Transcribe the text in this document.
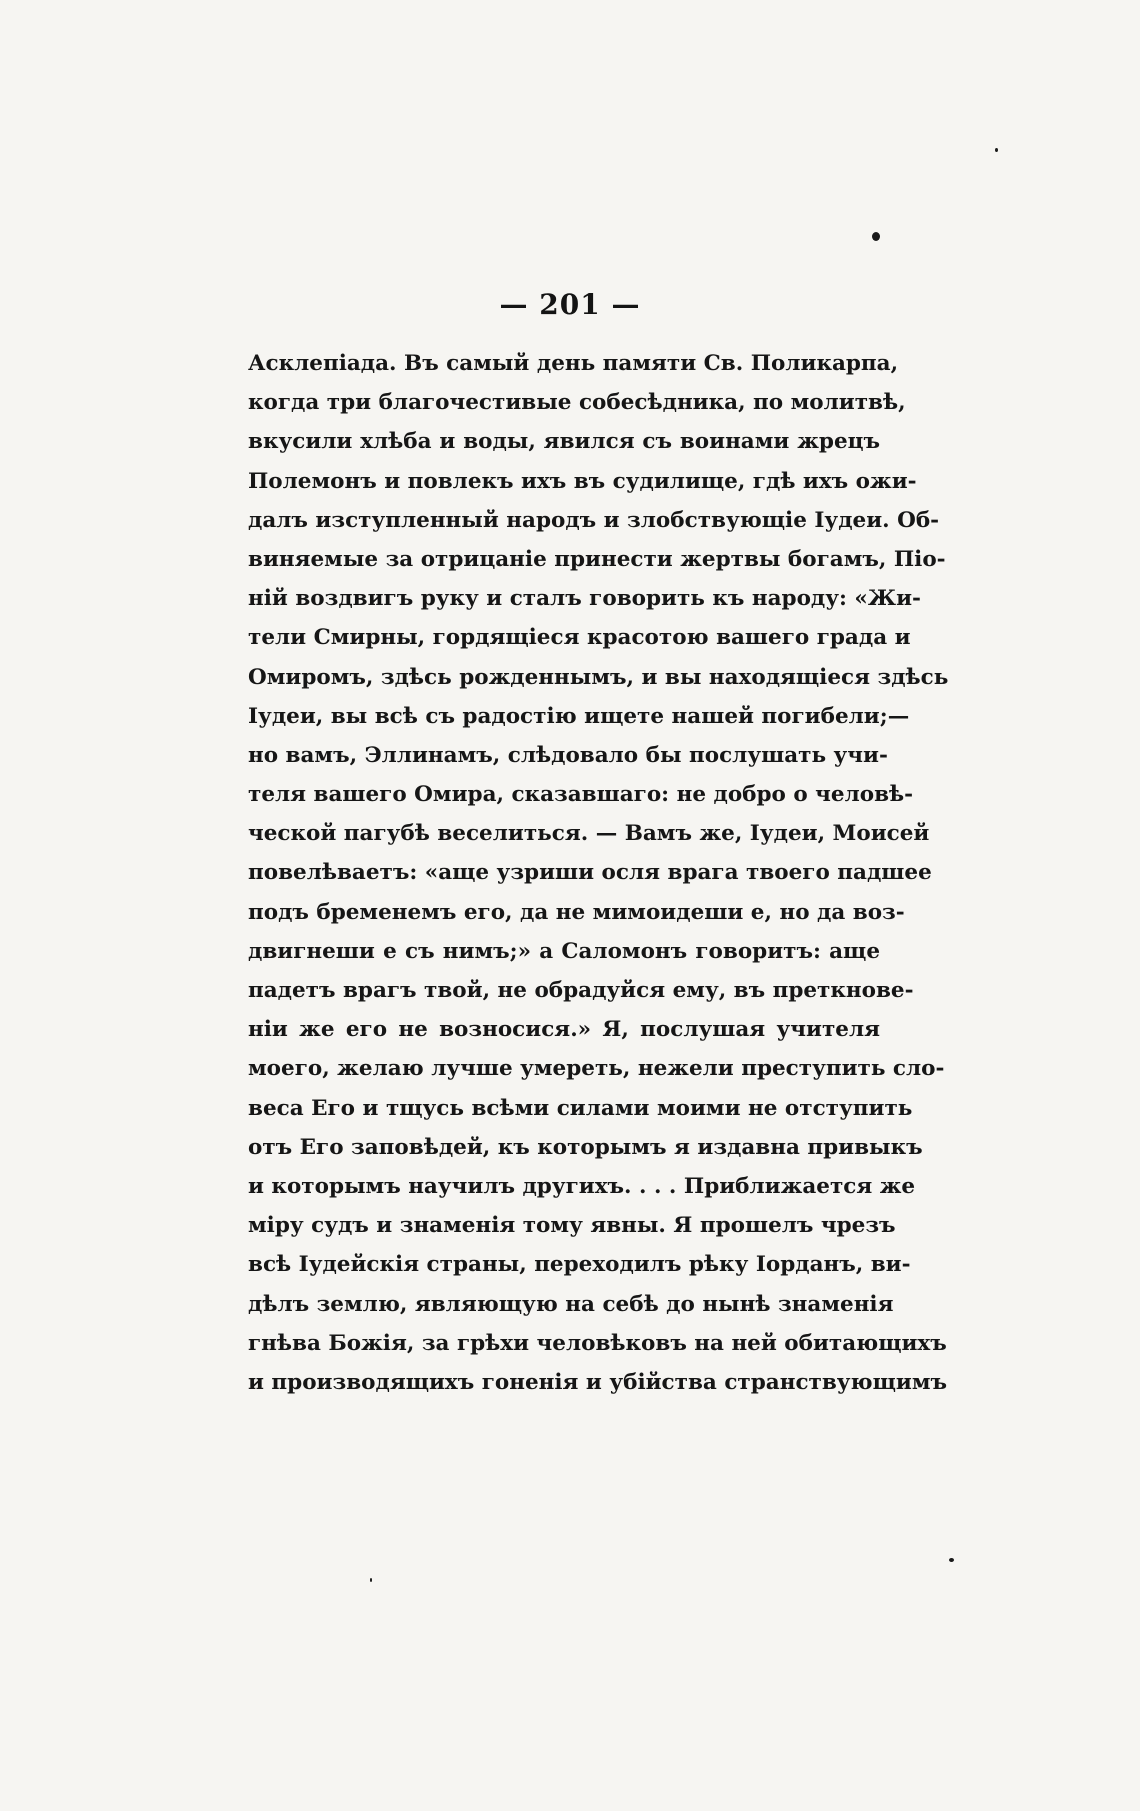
— 201 —
Асклепіада. Въ самый день памяти Св. Поликарпа,
когда три благочестивые собесѣдника, по молитвѣ,
вкусили хлѣба и воды, явился съ воинами жрецъ
Полемонъ и повлекъ ихъ въ судилище, гдѣ ихъ ожи-
далъ изступленный народъ и злобствующіе Іудеи. Об-
виняемые за отрицаніе принести жертвы богамъ, Піо-
ній воздвигъ руку и сталъ говорить къ народу: «Жи-
тели Смирны, гордящіеся красотою вашего града и
Омиромъ, здѣсь рожденнымъ, и вы находящіеся здѣсь
Іудеи, вы всѣ съ радостію ищете нашей погибели;—
но вамъ, Эллинамъ, слѣдовало бы послушать учи-
теля вашего Омира, сказавшаго: не добро о человѣ-
ческой пагубѣ веселиться. — Вамъ же, Іудеи, Моисей
повелѣваетъ: «аще узриши осля врага твоего падшее
подъ бременемъ его, да не мимоидеши е, но да воз-
двигнеши е съ нимъ;» а Саломонъ говоритъ: аще
падетъ врагъ твой, не обрадуйся ему, въ преткнове-
ніи же его не возносися.» Я, послушая учителя
моего, желаю лучше умереть, нежели преступить сло-
веса Его и тщусь всѣми силами моими не отступить
отъ Его заповѣдей, къ которымъ я издавна привыкъ
и которымъ научилъ другихъ. . . . Приближается же
міру судъ и знаменія тому явны. Я прошелъ чрезъ
всѣ Іудейскія страны, переходилъ рѣку Іорданъ, ви-
дѣлъ землю, являющую на себѣ до нынѣ знаменія
гнѣва Божія, за грѣхи человѣковъ на ней обитающихъ
и производящихъ гоненія и убійства странствующимъ
